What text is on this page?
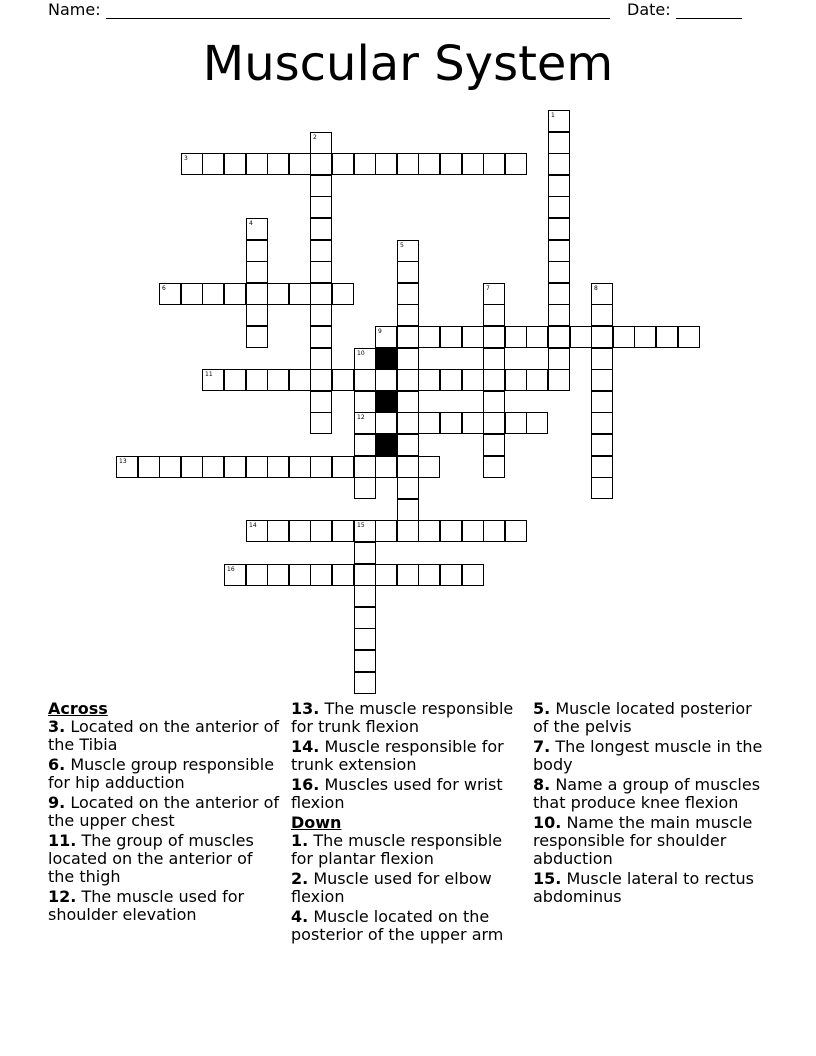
Name:	Date:
Muscular System
1
2
3
4
5
6	7	8
9
10
12
11
13
14	15
16
Across
3. Located on the anterior of the Tibia
6. Muscle group responsible for hip adduction
9. Located on the anterior of the upper chest
11. The group of muscles located on the anterior of the thigh
12. The muscle used for shoulder elevation
13. The muscle responsible for trunk flexion
14. Muscle responsible for trunk extension
16. Muscles used for wrist flexion
Down
1. The muscle responsible for plantar flexion
2. Muscle used for elbow flexion
4. Muscle located on the posterior of the upper arm
5. Muscle located posterior of the pelvis
7. The longest muscle in the body
8. Name a group of muscles that produce knee flexion
10. Name the main muscle responsible for shoulder abduction
15. Muscle lateral to rectus abdominus
